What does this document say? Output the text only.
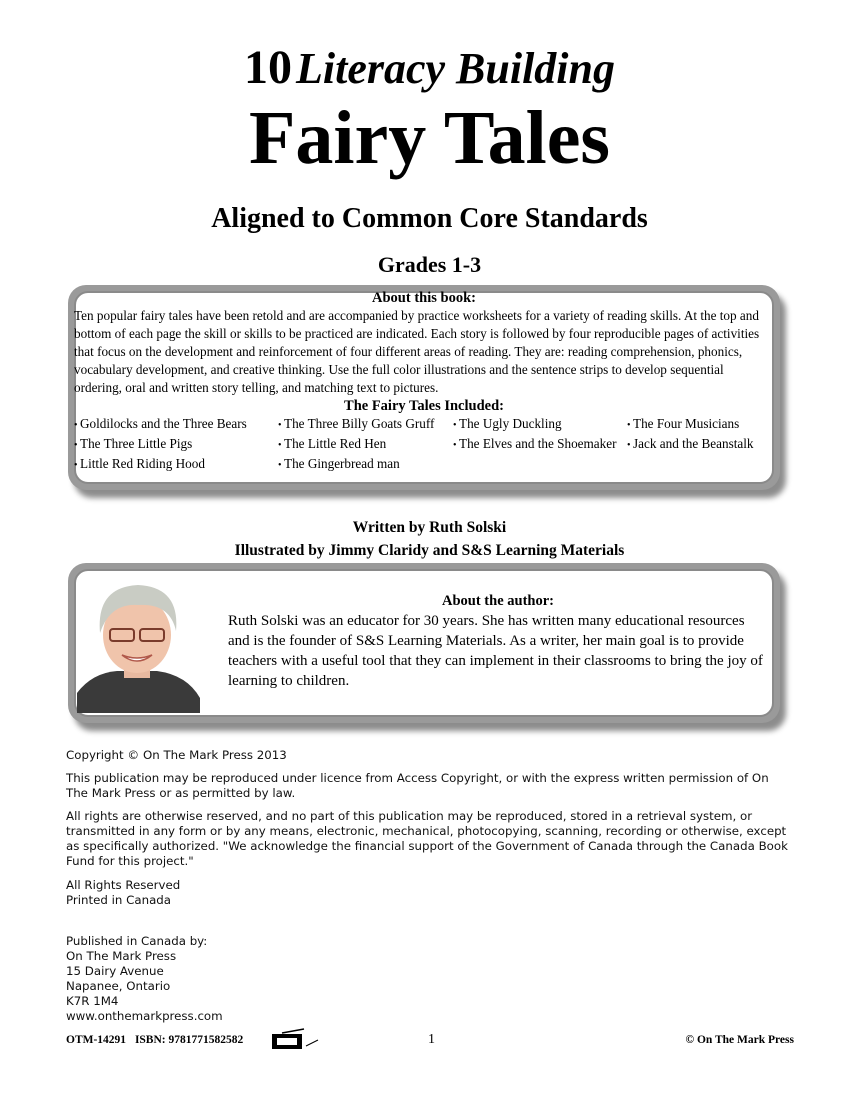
10 Literacy Building
Fairy Tales
Aligned to Common Core Standards
Grades 1-3
About this book:
Ten popular fairy tales have been retold and are accompanied by practice worksheets for a variety of reading skills. At the top and bottom of each page the skill or skills to be practiced are indicated. Each story is followed by four reproducible pages of activities that focus on the development and reinforcement of four different areas of reading. They are: reading comprehension, phonics, vocabulary development, and creative thinking. Use the full color illustrations and the sentence strips to develop sequential ordering, oral and written story telling, and matching text to pictures.
The Fairy Tales Included:
• Goldilocks and the Three Bears	• The Three Billy Goats Gruff	• The Ugly Duckling	• The Four Musicians
• The Three Little Pigs	• The Little Red Hen	• The Elves and the Shoemaker	• Jack and the Beanstalk
• Little Red Riding Hood	• The Gingerbread man
Written by Ruth Solski
Illustrated by Jimmy Claridy and S&S Learning Materials
About the author:
Ruth Solski was an educator for 30 years. She has written many educational resources and is the founder of S&S Learning Materials. As a writer, her main goal is to provide teachers with a useful tool that they can implement in their classrooms to bring the joy of learning to children.
Copyright © On The Mark Press 2013
This publication may be reproduced under licence from Access Copyright, or with the express written permission of On The Mark Press or as permitted by law.
All rights are otherwise reserved, and no part of this publication may be reproduced, stored in a retrieval system, or transmitted in any form or by any means, electronic, mechanical, photocopying, scanning, recording or otherwise, except as specifically authorized. "We acknowledge the financial support of the Government of Canada through the Canada Book Fund for this project."
All Rights Reserved
Printed in Canada
Published in Canada by:
On The Mark Press
15 Dairy Avenue
Napanee, Ontario
K7R 1M4
www.onthemarkpress.com
OTM-14291 ISBN: 9781771582582	1	© On The Mark Press
